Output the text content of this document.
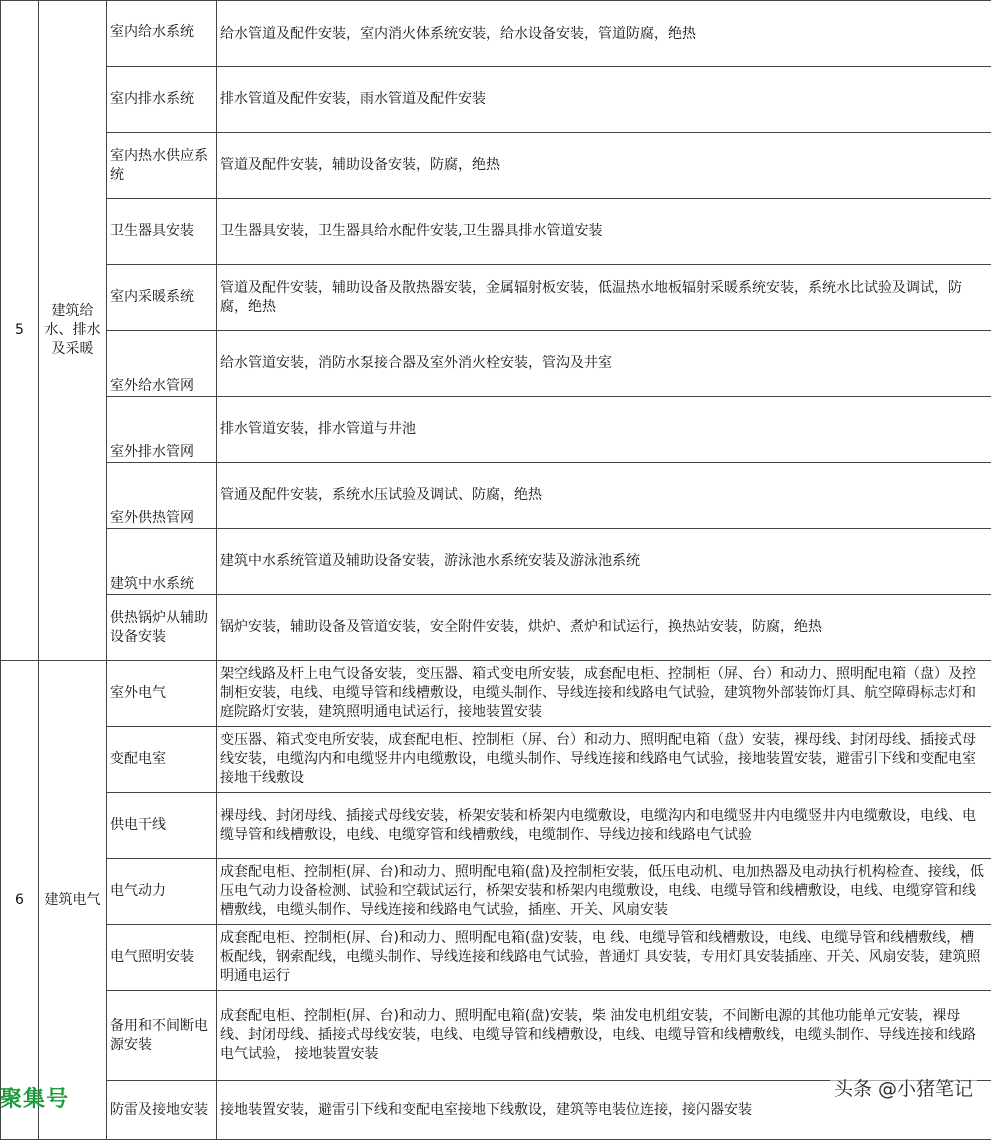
5	建筑给水、排水及采暖	室内给水系统	给水管道及配件安装，室内消火体系统安装，给水设备安装，管道防腐，绝热
		室内排水系统	排水管道及配件安装，雨水管道及配件安装
		室内热水供应系统	管道及配件安装，辅助设备安装，防腐，绝热
		卫生器具安装	卫生器具安装，卫生器具给水配件安装,卫生器具排水管道安装
		室内采暖系统	管道及配件安装，辅助设备及散热器安装，金属辐射板安装，低温热水地板辐射采暖系统安装，系统水比试验及调试，防腐，绝热
		室外给水管网	给水管道安装，消防水泵接合器及室外消火栓安装，管沟及井室
		室外排水管网	排水管道安装，排水管道与井池
		室外供热管网	管通及配件安装，系统水压试验及调试、防腐，绝热
		建筑中水系统	建筑中水系统管道及辅助设备安装，游泳池水系统安装及游泳池系统
		供热锅炉从辅助设备安装	锅炉安装，辅助设备及管道安装，安全附件安装，烘炉、煮炉和试运行，换热站安装，防腐，绝热
6	建筑电气	室外电气	架空线路及杆上电气设备安装，变压器、箱式变电所安装，成套配电柜、控制柜（屏、台）和动力、照明配电箱（盘）及控制柜安装，电线、电缆导管和线槽敷设，电缆头制作、导线连接和线路电气试验，建筑物外部装饰灯具、航空障碍标志灯和庭院路灯安装，建筑照明通电试运行，接地装置安装
		变配电室	变压器、箱式变电所安装，成套配电柜、控制柜（屏、台）和动力、照明配电箱（盘）安装，裸母线、封闭母线、插接式母线安装，电缆沟内和电缆竖井内电缆敷设，电缆头制作、导线连接和线路电气试验，接地装置安装，避雷引下线和变配电室接地干线敷设
		供电干线	裸母线、封闭母线、插接式母线安装，桥架安装和桥架内电缆敷设，电缆沟内和电缆竖井内电缆竖井内电缆敷设，电线、电缆导管和线槽敷设，电线、电缆穿管和线槽敷线，电缆制作、导线边接和线路电气试验
		电气动力	成套配电柜、控制柜(屏、台)和动力、照明配电箱(盘)及控制柜安装，低压电动机、电加热器及电动执行机构检查、接线，低压电气动力设备检测、试验和空载试运行，桥架安装和桥架内电缆敷设，电线、电缆导管和线槽敷设，电线、电缆穿管和线槽敷线，电缆头制作、导线连接和线路电气试验，插座、开关、风扇安装
		电气照明安装	成套配电柜、控制柜(屏、台)和动力、照明配电箱(盘)安装，电 线、电缆导管和线槽敷设，电线、电缆导管和线槽敷线，槽板配线，钢索配线，电缆头制作、导线连接和线路电气试验，普通灯 具安装，专用灯具安装插座、开关、风扇安装，建筑照明通电运行
		备用和不间断电源安装	成套配电柜、控制柜(屏、台)和动力、照明配电箱(盘)安装，柴 油发电机组安装，不间断电源的其他功能单元安装，裸母线、封闭母线、插接式母线安装，电线、电缆导管和线槽敷设，电线、电缆导管和线槽敷线，电缆头制作、导线连接和线路电气试验， 接地装置安装
		防雷及接地安装	接地装置安装，避雷引下线和变配电室接地下线敷设，建筑等电装位连接，接闪器安装
聚集号	头条 @小猪笔记
